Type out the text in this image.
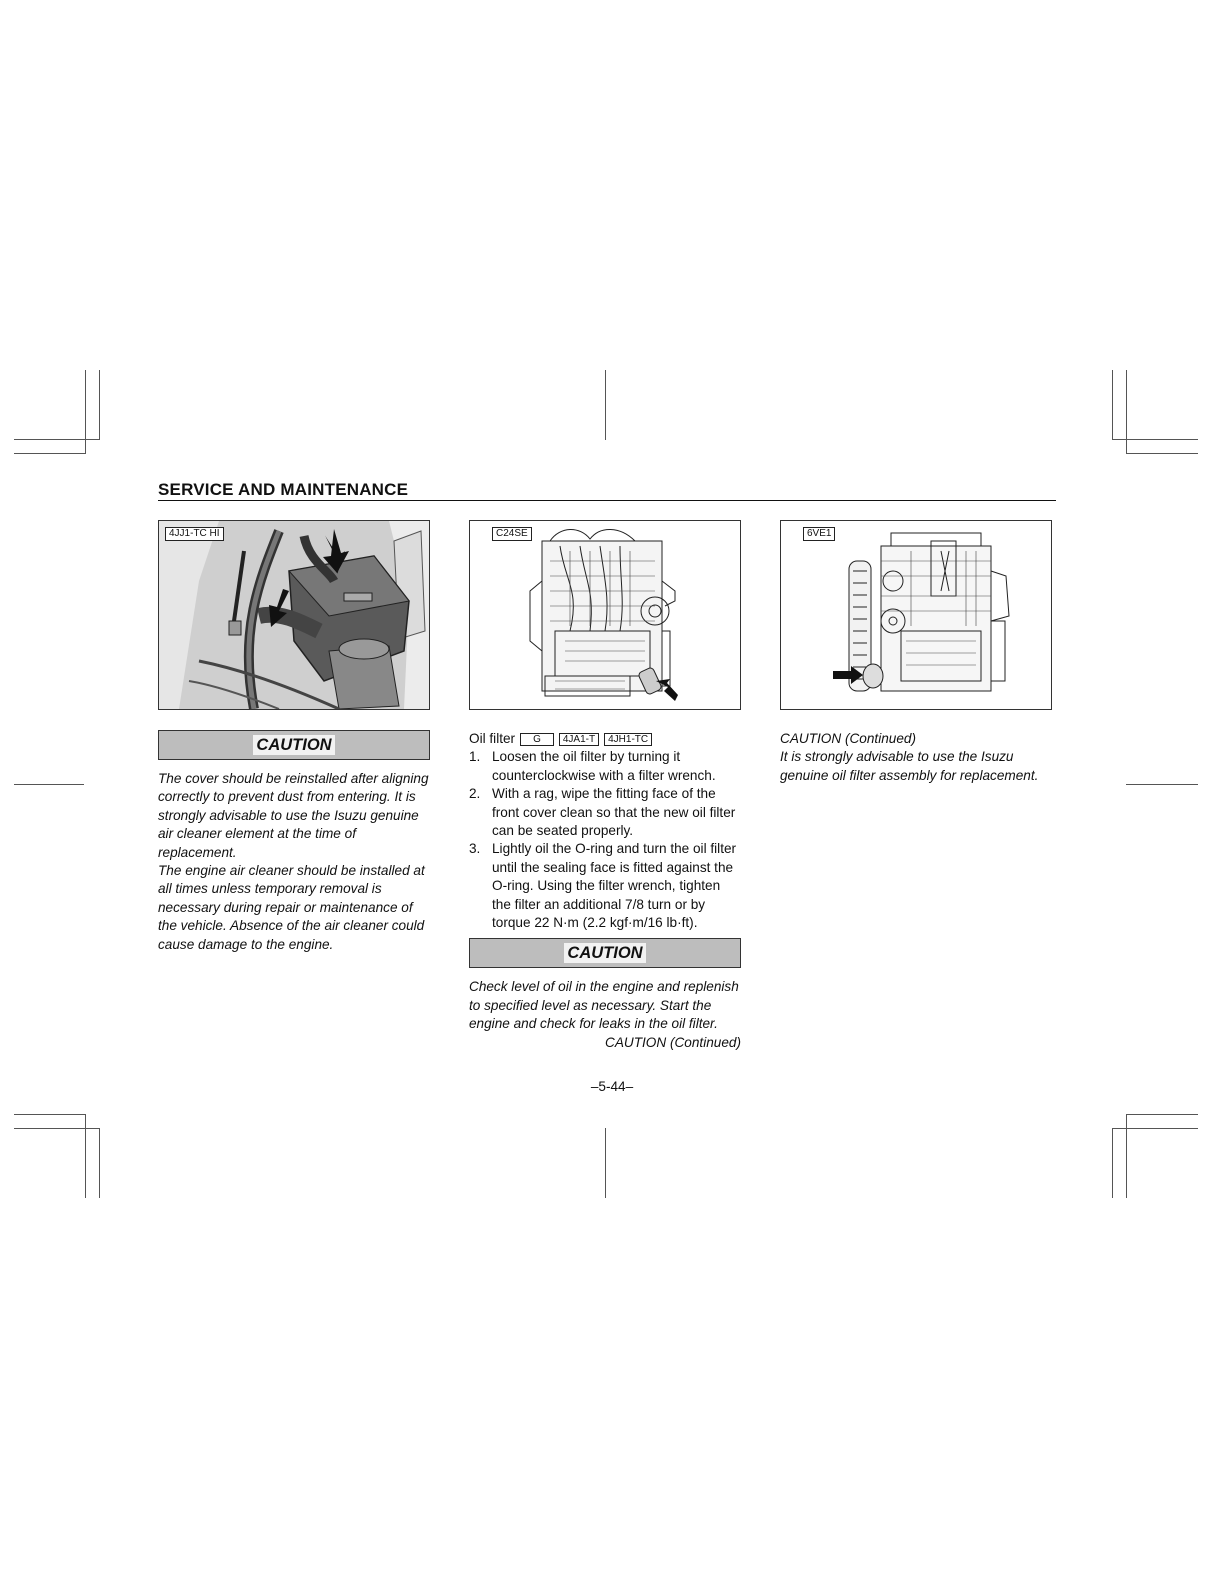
SERVICE AND MAINTENANCE
4JJ1-TC HI
CAUTION

The cover should be reinstalled after aligning correctly to prevent dust from entering. It is strongly advisable to use the Isuzu genuine air cleaner element at the time of replacement.

The engine air cleaner should be installed at all times unless temporary removal is necessary during repair or maintenance of the vehicle. Absence of the air cleaner could cause damage to the engine.

C24SE
Oil filter	G	4JA1-T	4JH1-TC
1. Loosen the oil filter by turning it counterclockwise with a filter wrench.
2. With a rag, wipe the fitting face of the front cover clean so that the new oil filter can be seated properly.
3. Lightly oil the O-ring and turn the oil filter until the sealing face is fitted against the O-ring. Using the filter wrench, tighten the filter an additional 7/8 turn or by torque 22 N·m (2.2 kgf·m/16 lb·ft).
CAUTION

Check level of oil in the engine and replenish to specified level as necessary. Start the engine and check for leaks in the oil filter.

CAUTION (Continued)

6VE1

CAUTION (Continued)

It is strongly advisable to use the Isuzu genuine oil filter assembly for replacement.

–5-44–
